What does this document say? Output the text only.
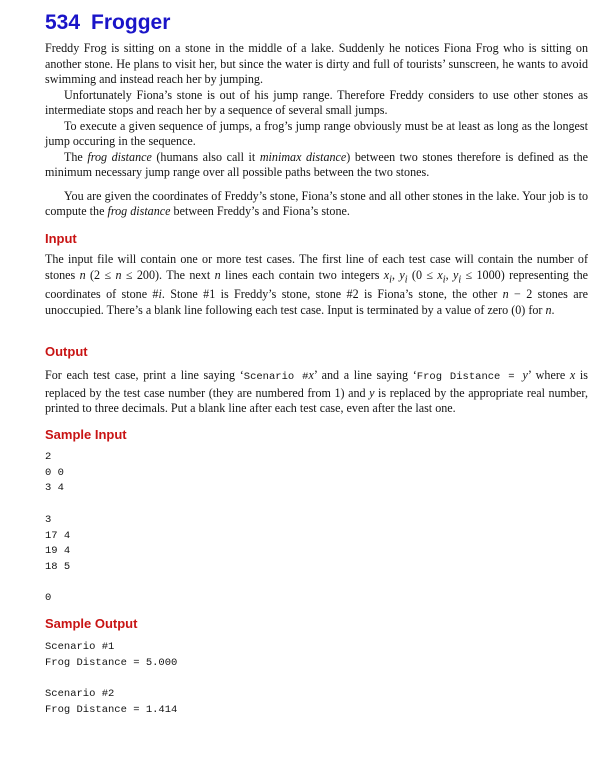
534 Frogger

Freddy Frog is sitting on a stone in the middle of a lake. Suddenly he notices Fiona Frog who is sitting on another stone. He plans to visit her, but since the water is dirty and full of tourists’ sunscreen, he wants to avoid swimming and instead reach her by jumping.

Unfortunately Fiona’s stone is out of his jump range. Therefore Freddy considers to use other stones as intermediate stops and reach her by a sequence of several small jumps.

To execute a given sequence of jumps, a frog’s jump range obviously must be at least as long as the longest jump occuring in the sequence.

The frog distance (humans also call it minimax distance) between two stones therefore is defined as the minimum necessary jump range over all possible paths between the two stones.

You are given the coordinates of Freddy’s stone, Fiona’s stone and all other stones in the lake. Your job is to compute the frog distance between Freddy’s and Fiona’s stone.

Input

The input file will contain one or more test cases. The first line of each test case will contain the number of stones n (2 ≤ n ≤ 200). The next n lines each contain two integers $x_i$, $y_i$ ($0 \le x_i$, $y_i \le 1000$) representing the coordinates of stone #i. Stone #1 is Freddy’s stone, stone #2 is Fiona’s stone, the other n − 2 stones are unoccupied. There’s a blank line following each test case. Input is terminated by a value of zero (0) for n.

Output

For each test case, print a line saying ‘Scenario #x’ and a line saying ‘Frog Distance = y’ where x is replaced by the test case number (they are numbered from 1) and y is replaced by the appropriate real number, printed to three decimals. Put a blank line after each test case, even after the last one.

Sample Input
2
0 0
3 4

3
17 4
19 4
18 5

0
Sample Output
Scenario #1
Frog Distance = 5.000

Scenario #2
Frog Distance = 1.414
